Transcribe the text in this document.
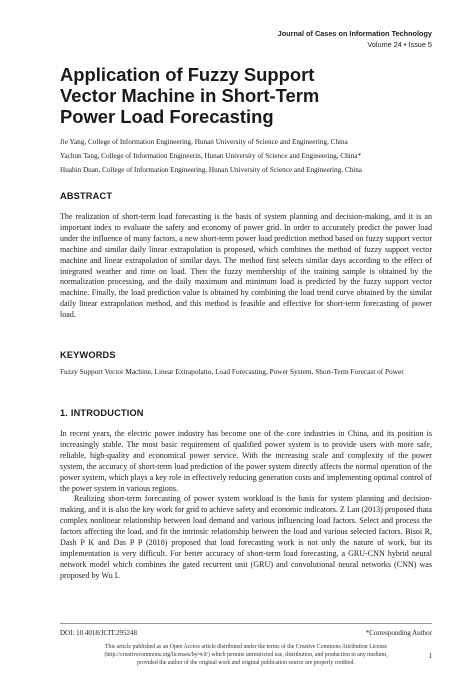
Journal of Cases on Information Technology
Volume 24 • Issue 5
Application of Fuzzy Support
Vector Machine in Short-Term
Power Load Forecasting
Jie Yang, College of Information Engineering, Hunan University of Science and Engineering, China
Yachun Tang, College of Information Engineerin, Hunan University of Science and Engineering, China*
Huabin Duan, College of Information Engineering, Hunan University of Science and Engineering, China
ABSTRACT
The realization of short-term load forecasting is the basis of system planning and decision-making, and it is an important index to evaluate the safety and economy of power grid. In order to accurately predict the power load under the influence of many factors, a new short-term power load prediction method based on fuzzy support vector machine and similar daily linear extrapolation is proposed, which combines the method of fuzzy support vector machine and linear extrapolation of similar days. The method first selects similar days according to the effect of integrated weather and time on load. Then the fuzzy membership of the training sample is obtained by the normalization processing, and the daily maximum and minimum load is predicted by the fuzzy support vector machine. Finally, the load prediction value is obtained by combining the load trend curve obtained by the similar daily linear extrapolation method, and this method is feasible and effective for short-term forecasting of power load.
KEYWORDS
Fuzzy Support Vector Machine, Linear Extrapolatio, Load Forecasting, Power System, Short-Term Forecast of Power
1. INTRODUCTION

In recent years, the electric power industry has become one of the core industries in China, and its position is increasingly stable. The most basic requirement of qualified power system is to provide users with more safe, reliable, high-quality and economical power service. With the increasing scale and complexity of the power system, the accuracy of short-term load prediction of the power system directly affects the normal operation of the power system, which plays a key role in effectively reducing generation costs and implementing optimal control of the power system in various regions.

Realizing short-term forecasting of power system workload is the basis for system planning and decision-making, and it is also the key work for grid to achieve safety and economic indicators. Z Lan (2013) proposed thata complex nonlinear relationship between load demand and various influencing load factors. Select and process the factors affecting the load, and fit the intrinsic relationship between the load and various selected factors. Bisoi R, Dash P K and Das P P (2018) proposed that load forecasting work is not only the nature of work, but its implementation is very difficult. For better accuracy of short-term load forecasting, a GRU-CNN hybrid neural network model which combines the gated recurrent unit (GRU) and convolutional neural networks (CNN) was proposed by Wu L

DOI: 10.4018/JCIT.295248	*Corresponding Author
This article published as an Open Access article distributed under the terms of the Creative Commons Attribution License
(http://creativecommons.org/licenses/by/4.0/) which permits unrestricted use, distribution, and production in any medium,
provided the author of the original work and original publication source are properly credited.
1
